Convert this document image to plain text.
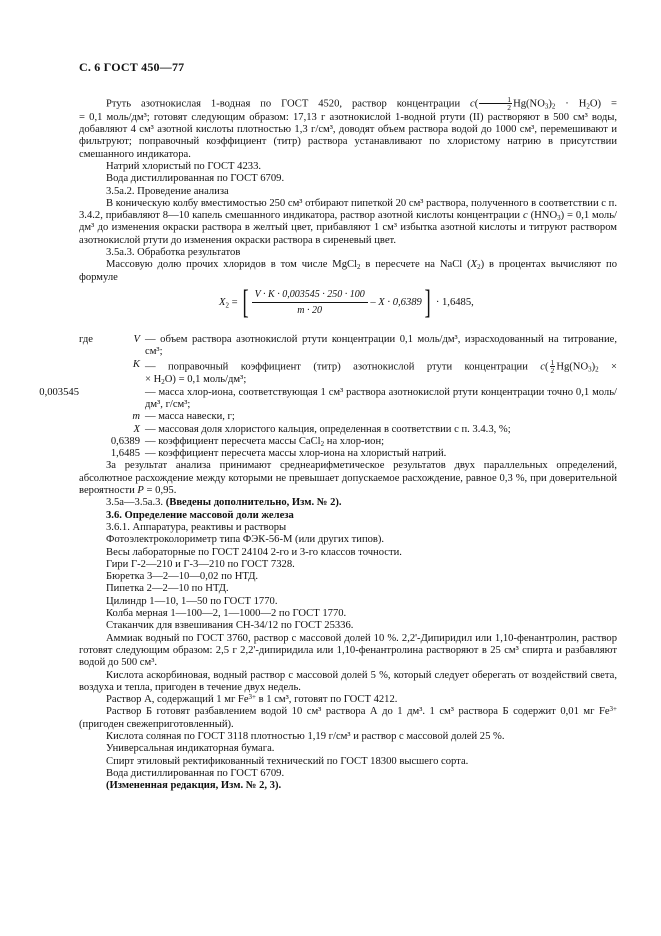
С. 6 ГОСТ 450—77

Ртуть азотнокислая 1-водная по ГОСТ 4520, раствор концентрации $c( \frac{1}{2} Hg(NO_3)_2 \cdot H_2O)$ =

= 0,1 моль/дм³; готовят следующим образом: 17,13 г азотнокислой 1-водной ртути (II) растворяют в 500 см³ воды, добавляют 4 см³ азотной кислоты плотностью 1,3 г/см³, доводят объем раствора водой до 1000 см³, перемешивают и фильтруют; поправочный коэффициент (титр) раствора устанавливают по хлористому натрию в присутствии смешанного индикатора.

Натрий хлористый по ГОСТ 4233.

Вода дистиллированная по ГОСТ 6709.

3.5а.2. Проведение анализа

В коническую колбу вместимостью 250 см³ отбирают пипеткой 20 см³ раствора, полученного в соответствии с п. 3.4.2, прибавляют 8—10 капель смешанного индикатора, раствор азотной кислоты концентрации c $(HNO_3) = 0,1$ моль/дм³ до изменения окраски раствора в желтый цвет, прибавляют 1 см³ избытка азотной кислоты и титруют раствором азотнокислой ртути до изменения окраски раствора в сиреневый цвет.

3.5а.3. Обработка результатов

Массовую долю прочих хлоридов в том числе MgCl$_2$ в пересчете на NaCl $(X_2)$ в процентах вычисляют по формуле

$X_2$ = [ $\frac{V \cdot K \cdot 0,003545 \cdot 250 \cdot 100}{m \cdot 20} - X \cdot 0,6389] \cdot 1,6485$,
где	V — объем раствора азотнокислой ртути концентрации 0,1 моль/дм³, израсходованный на титрование, см³;
K — поправочный коэффициент (титр) азотнокислой ртути концентрации $c( \frac{1}{2} Hg(NO_3)_2$ ×
× $H_2O) = 0,1$ моль/дм³;
0,003545	— масса хлор-иона, соответствующая 1 см³ раствора азотнокислой ртути концентрации точно 0,1 моль/дм³, г/см³;
m — масса навески, г;
X — массовая доля хлористого кальция, определенная в соответствии с п. 3.4.3, %;
0,6389 — коэффициент пересчета массы CaCl$_2$ на хлор-ион;
1,6485 — коэффициент пересчета массы хлор-иона на хлористый натрий.

За результат анализа принимают среднеарифметическое результатов двух параллельных определений, абсолютное расхождение между которыми не превышает допускаемое расхождение, равное 0,3 %, при доверительной вероятности P = 0,95.

3.5а—3.5а.3. (Введены дополнительно, Изм. № 2).

3.6. Определение массовой доли железа

3.6.1. Аппаратура, реактивы и растворы

Фотоэлектроколориметр типа ФЭК-56-М (или других типов).

Весы лабораторные по ГОСТ 24104 2-го и 3-го классов точности.

Гири Г-2—210 и Г-3—210 по ГОСТ 7328.

Бюретка 3—2—10—0,02 по НТД.

Пипетка 2—2—10 по НТД.

Цилиндр 1—10, 1—50 по ГОСТ 1770.

Колба мерная 1—100—2, 1—1000—2 по ГОСТ 1770.

Стаканчик для взвешивания СН-34/12 по ГОСТ 25336.

Аммиак водный по ГОСТ 3760, раствор с массовой долей 10 %. 2,2'-Дипиридил или 1,10-фенантролин, раствор готовят следующим образом: 2,5 г 2,2'-дипиридила или 1,10-фенантролина растворяют в 25 см³ спирта и разбавляют водой до 500 см³.

Кислота аскорбиновая, водный раствор с массовой долей 5 %, который следует оберегать от воздействий света, воздуха и тепла, пригоден в течение двух недель.

Раствор А, содержащий 1 мг $Fe^{3+}$ в 1 см³, готовят по ГОСТ 4212.

Раствор Б готовят разбавлением водой 10 см³ раствора А до 1 дм³. 1 см³ раствора Б содержит 0,01 мг $Fe^{3+}$ (пригоден свежеприготовленный).

Кислота соляная по ГОСТ 3118 плотностью 1,19 г/см³ и раствор с массовой долей 25 %.

Универсальная индикаторная бумага.

Спирт этиловый ректификованный технический по ГОСТ 18300 высшего сорта.

Вода дистиллированная по ГОСТ 6709.

(Измененная редакция, Изм. № 2, 3).
